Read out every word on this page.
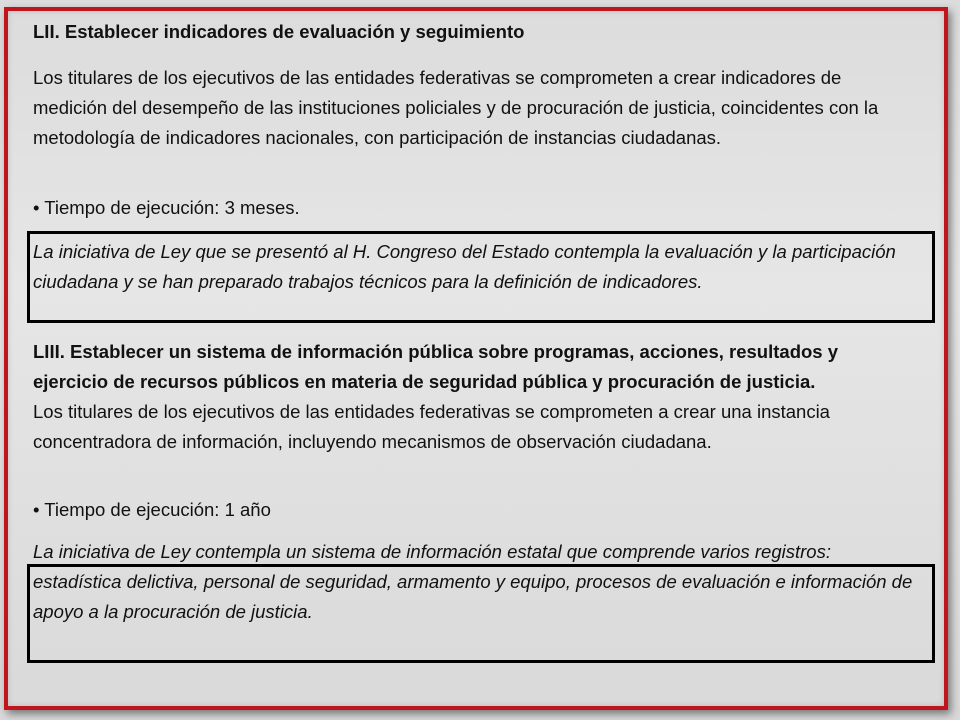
LII. Establecer indicadores de evaluación y seguimiento

Los titulares de los ejecutivos de las entidades federativas se comprometen a crear indicadores de medición del desempeño de las instituciones policiales y de procuración de justicia, coincidentes con la metodología de indicadores nacionales, con participación de instancias ciudadanas.

• Tiempo de ejecución: 3 meses.

La iniciativa de Ley que se presentó al H. Congreso del Estado contempla la evaluación y la participación ciudadana y se han preparado trabajos técnicos para la definición de indicadores.

LIII. Establecer un sistema de información pública sobre programas, acciones, resultados y ejercicio de recursos públicos en materia de seguridad pública y procuración de justicia.

Los titulares de los ejecutivos de las entidades federativas se comprometen a crear una instancia concentradora de información, incluyendo mecanismos de observación ciudadana.

• Tiempo de ejecución: 1 año

La iniciativa de Ley contempla un sistema de información estatal que comprende varios registros: estadística delictiva, personal de seguridad, armamento y equipo, procesos de evaluación e información de apoyo a la procuración de justicia.
